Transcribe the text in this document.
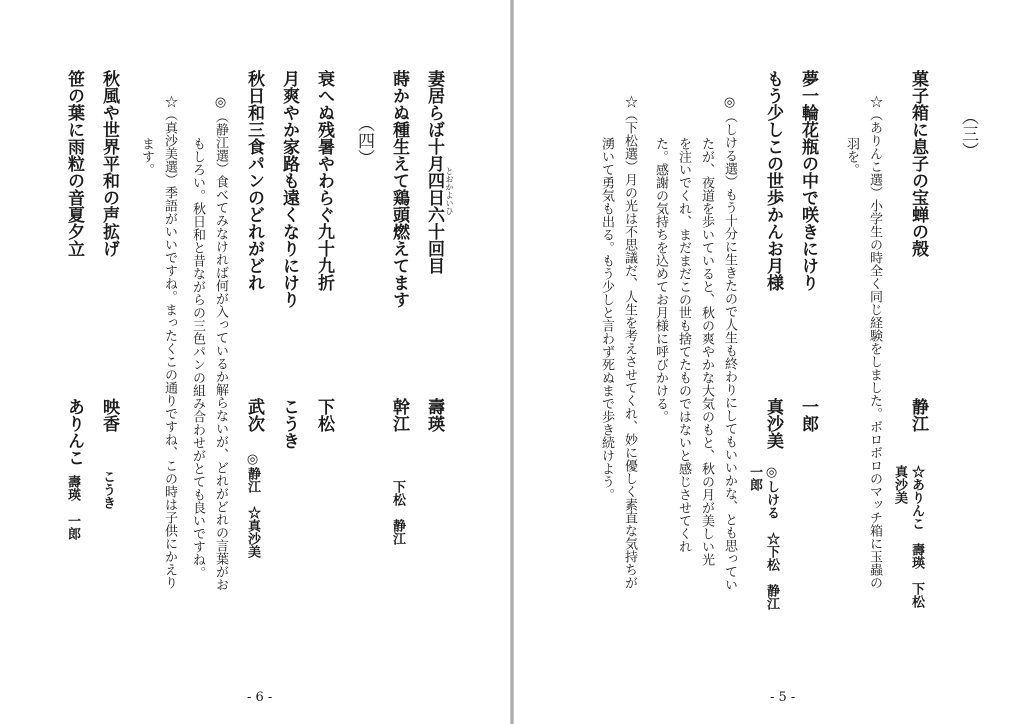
妻居らば十月四日六十回目 とおかよいひ
壽瑛
蒔かぬ種生えて鶏頭燃えてます
幹江
下松　静江
（四）
衰へぬ残暑やわらぐ九十九折
下松
月爽やか家路も遠くなりにけり
こうき
秋日和三食パンのどれがどれ
武次
◎静江　☆真沙美
◎（静江選）食べてみなければ何が入っているか解らないが、どれがどれの言葉がお
もしろい。秋日和と昔ながらの三色パンの組み合わせがとても良いですね。
☆（真沙美選）季語がいいですね。まったくこの通りですね、この時は子供にかえり
ます。
秋風や世界平和の声拡げ
映香
こうき
笹の葉に雨粒の音夏夕立
ありんこ
壽瑛　一郎
- 6 -
（三）
菓子箱に息子の宝蝉の殻
静江
☆ありんこ　壽瑛　下松
真沙美
☆（ありんこ選）小学生の時全く同じ経験をしました。ボロボロのマッチ箱に玉蟲の
羽を。
夢一輪花瓶の中で咲きにけり
一郎
もう少しこの世歩かんお月様
真沙美
◎しける　☆下松　静江
一郎
◎（しける選）もう十分に生きたので人生も終わりにしてもいいかな、とも思ってい
たが、夜道を歩いていると、秋の爽やかな大気のもと、秋の月が美しい光
を注いでくれ、まだまだこの世も捨てたものではないと感じさせてくれ
た。感謝の気持ちを込めてお月様に呼びかける。
☆（下松選）月の光は不思議だ、人生を考えさせてくれ、妙に優しく素直な気持ちが
湧いて勇気も出る。もう少しと言わず死ぬまで歩き続けよう。
- 5 -
